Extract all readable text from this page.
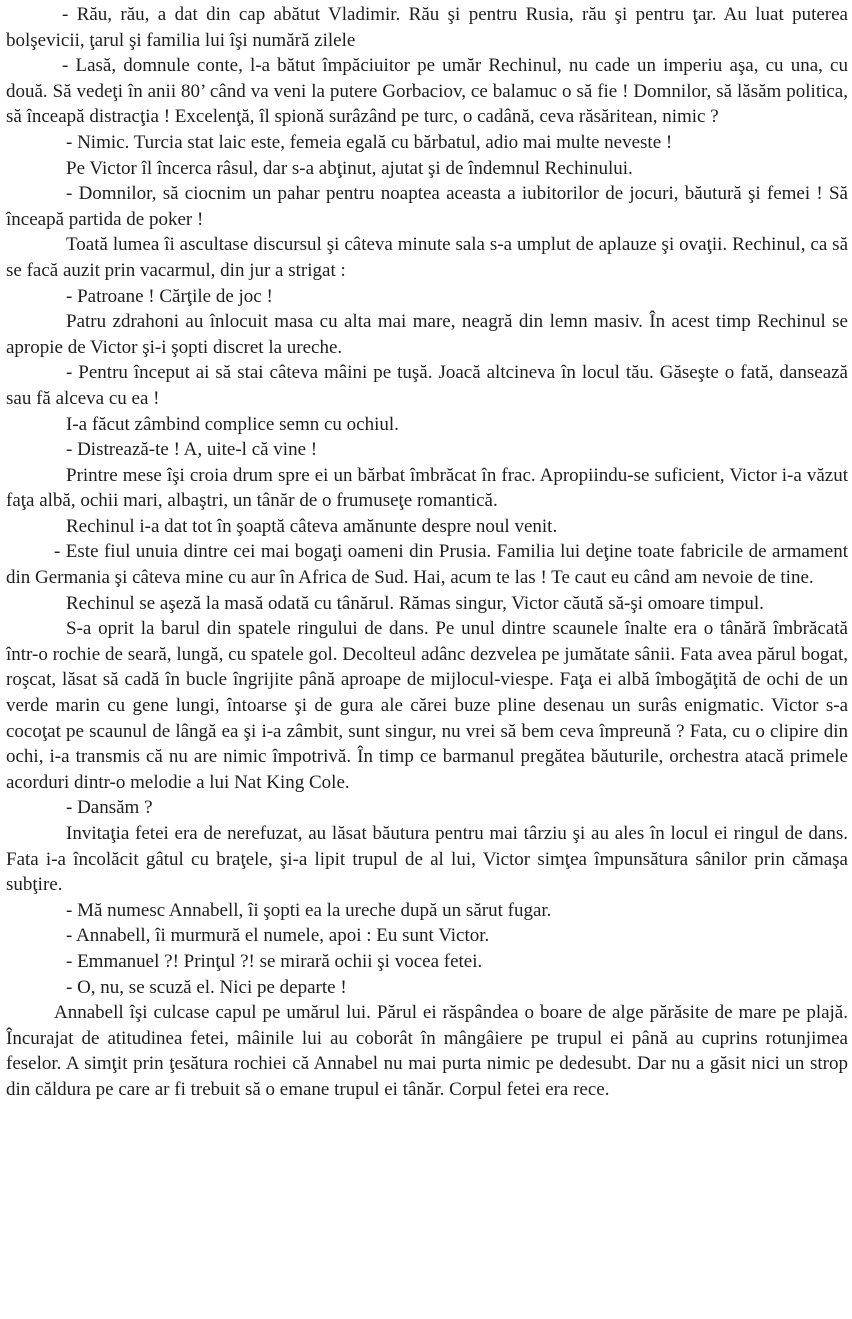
- Rău, rău, a dat din cap abătut Vladimir. Rău şi pentru Rusia, rău şi pentru ţar. Au luat puterea bolşevicii, ţarul şi familia lui îşi numără zilele

- Lasă, domnule conte, l-a bătut împăciuitor pe umăr Rechinul, nu cade un imperiu aşa, cu una, cu două. Să vedeţi în anii 80’ când va veni la putere Gorbaciov, ce balamuc o să fie ! Domnilor, să lăsăm politica, să înceapă distracţia ! Excelenţă, îl spionă surâzând pe turc, o cadână, ceva răsăritean, nimic ?

- Nimic. Turcia stat laic este, femeia egală cu bărbatul, adio mai multe neveste !

Pe Victor îl încerca râsul, dar s-a abţinut, ajutat şi de îndemnul Rechinului.

- Domnilor, să ciocnim un pahar pentru noaptea aceasta a iubitorilor de jocuri, băutură şi femei ! Să înceapă partida de poker !

Toată lumea îi ascultase discursul şi câteva minute sala s-a umplut de aplauze şi ovaţii. Rechinul, ca să se facă auzit prin vacarmul, din jur a strigat :

- Patroane ! Cărţile de joc !

Patru zdrahoni au înlocuit masa cu alta mai mare, neagră din lemn masiv. În acest timp Rechinul se apropie de Victor şi-i şopti discret la ureche.

- Pentru început ai să stai câteva mâini pe tuşă. Joacă altcineva în locul tău. Găseşte o fată, dansează sau fă alceva cu ea !

I-a făcut zâmbind complice semn cu ochiul.

- Distrează-te ! A, uite-l că vine !

Printre mese îşi croia drum spre ei un bărbat îmbrăcat în frac. Apropiindu-se suficient, Victor i-a văzut faţa albă, ochii mari, albaştri, un tânăr de o frumuseţe romantică.

Rechinul i-a dat tot în şoaptă câteva amănunte despre noul venit.

- Este fiul unuia dintre cei mai bogaţi oameni din Prusia. Familia lui deţine toate fabricile de armament din Germania şi câteva mine cu aur în Africa de Sud. Hai, acum te las ! Te caut eu când am nevoie de tine.

Rechinul se aşeză la masă odată cu tânărul. Rămas singur, Victor căută să-şi omoare timpul.

S-a oprit la barul din spatele ringului de dans. Pe unul dintre scaunele înalte era o tânără îmbrăcată într-o rochie de seară, lungă, cu spatele gol. Decolteul adânc dezvelea pe jumătate sânii. Fata avea părul bogat, roşcat, lăsat să cadă în bucle îngrijite până aproape de mijlocul-viespe. Faţa ei albă îmbogăţită de ochi de un verde marin cu gene lungi, întoarse şi de gura ale cărei buze pline desenau un surâs enigmatic. Victor s-a cocoţat pe scaunul de lângă ea şi i-a zâmbit, sunt singur, nu vrei să bem ceva împreună ? Fata, cu o clipire din ochi, i-a transmis că nu are nimic împotrivă. În timp ce barmanul pregătea băuturile, orchestra atacă primele acorduri dintr-o melodie a lui Nat King Cole.

- Dansăm ?

Invitaţia fetei era de nerefuzat, au lăsat băutura pentru mai târziu şi au ales în locul ei ringul de dans. Fata i-a încolăcit gâtul cu braţele, şi-a lipit trupul de al lui, Victor simţea împunsătura sânilor prin cămaşa subţire.

- Mă numesc Annabell, îi şopti ea la ureche după un sărut fugar.

- Annabell, îi murmură el numele, apoi : Eu sunt Victor.

- Emmanuel ?! Prinţul ?! se mirară ochii şi vocea fetei.

- O, nu, se scuză el. Nici pe departe !

Annabell îşi culcase capul pe umărul lui. Părul ei răspândea o boare de alge părăsite de mare pe plajă. Încurajat de atitudinea fetei, mâinile lui au coborât în mângâiere pe trupul ei până au cuprins rotunjimea feselor. A simţit prin ţesătura rochiei că Annabel nu mai purta nimic pe dedesubt. Dar nu a găsit nici un strop din căldura pe care ar fi trebuit să o emane trupul ei tânăr. Corpul fetei era rece.
